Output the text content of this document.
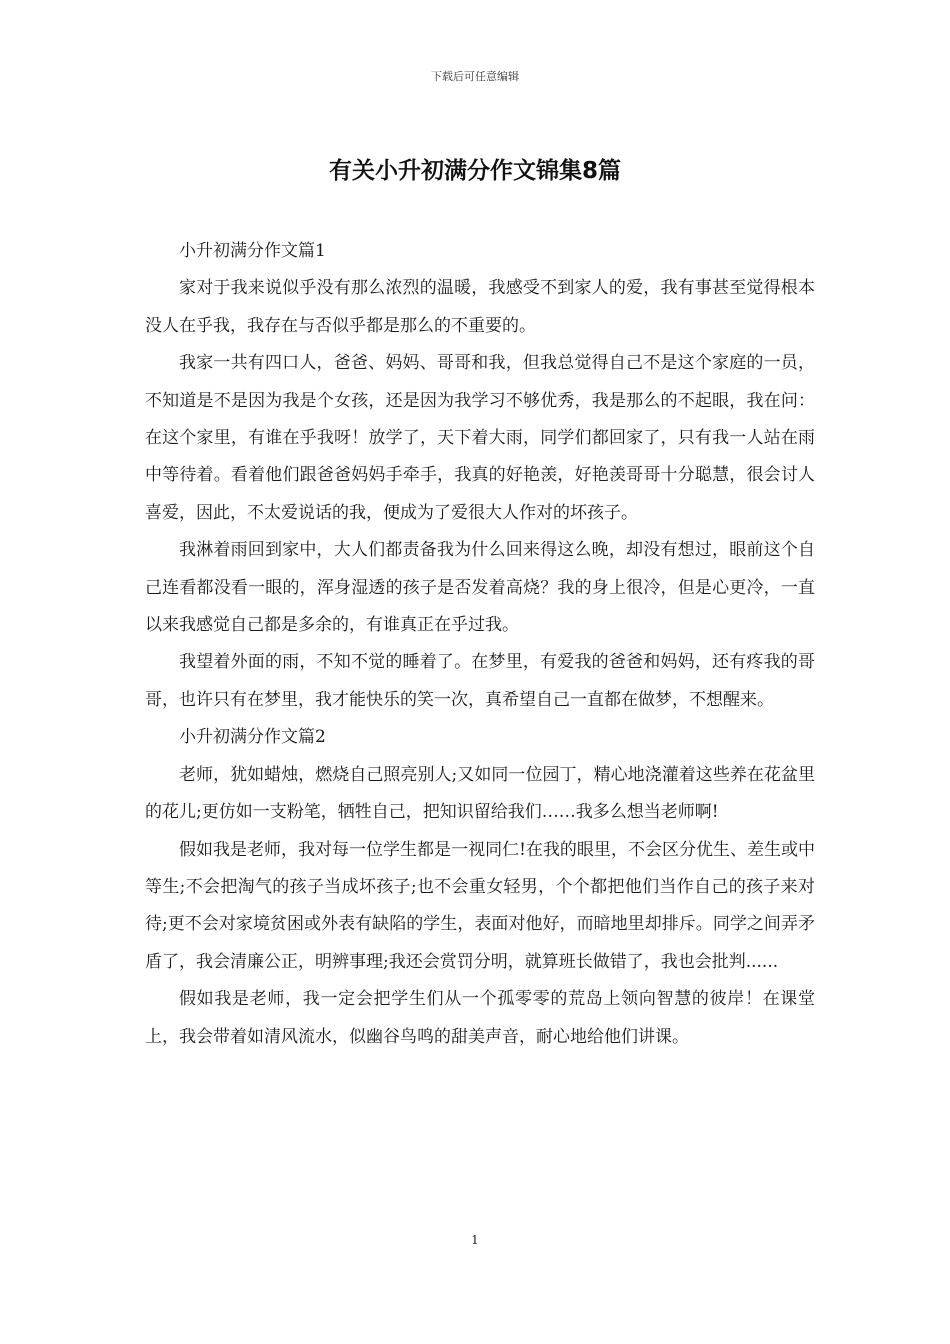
下载后可任意编辑
有关小升初满分作文锦集8篇

小升初满分作文篇1

家对于我来说似乎没有那么浓烈的温暖，我感受不到家人的爱，我有事甚至觉得根本没人在乎我，我存在与否似乎都是那么的不重要的。

我家一共有四口人，爸爸、妈妈、哥哥和我，但我总觉得自己不是这个家庭的一员，不知道是不是因为我是个女孩，还是因为我学习不够优秀，我是那么的不起眼，我在问：在这个家里，有谁在乎我呀！放学了，天下着大雨，同学们都回家了，只有我一人站在雨中等待着。看着他们跟爸爸妈妈手牵手，我真的好艳羡，好艳羡哥哥十分聪慧，很会讨人喜爱，因此，不太爱说话的我，便成为了爱很大人作对的坏孩子。

我淋着雨回到家中，大人们都责备我为什么回来得这么晚，却没有想过，眼前这个自己连看都没看一眼的，浑身湿透的孩子是否发着高烧？我的身上很冷，但是心更冷，一直以来我感觉自己都是多余的，有谁真正在乎过我。

我望着外面的雨，不知不觉的睡着了。在梦里，有爱我的爸爸和妈妈，还有疼我的哥哥，也许只有在梦里，我才能快乐的笑一次，真希望自己一直都在做梦，不想醒来。

小升初满分作文篇2

老师，犹如蜡烛，燃烧自己照亮别人;又如同一位园丁，精心地浇灌着这些养在花盆里的花儿;更仿如一支粉笔，牺牲自己，把知识留给我们……我多么想当老师啊!

假如我是老师，我对每一位学生都是一视同仁!在我的眼里，不会区分优生、差生或中等生;不会把淘气的孩子当成坏孩子;也不会重女轻男，个个都把他们当作自己的孩子来对待;更不会对家境贫困或外表有缺陷的学生，表面对他好，而暗地里却排斥。同学之间弄矛盾了，我会清廉公正，明辨事理;我还会赏罚分明，就算班长做错了，我也会批判......

假如我是老师，我一定会把学生们从一个孤零零的荒岛上领向智慧的彼岸！在课堂上，我会带着如清风流水，似幽谷鸟鸣的甜美声音，耐心地给他们讲课。

1
